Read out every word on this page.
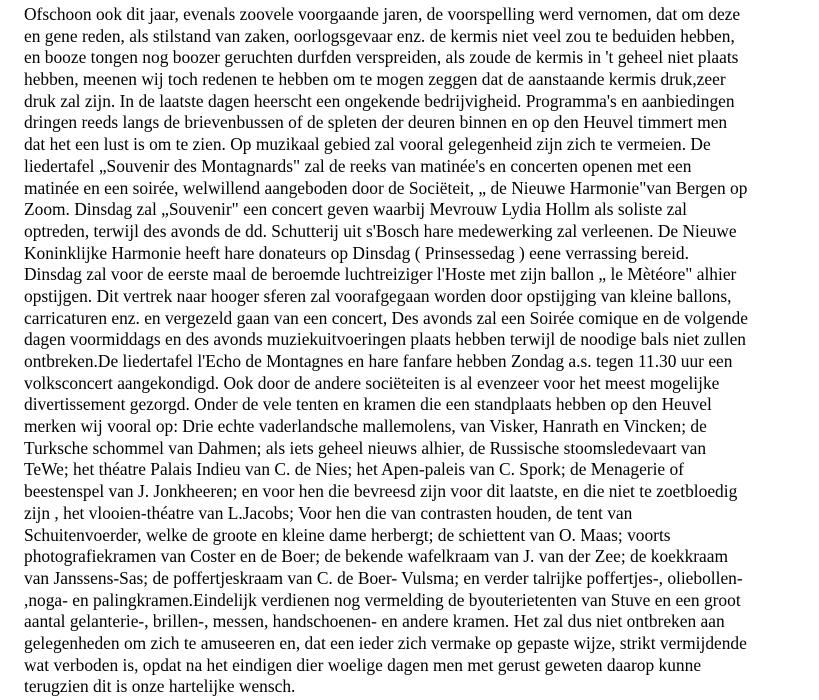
Ofschoon ook dit jaar, evenals zoovele voorgaande jaren, de voorspelling werd vernomen, dat om deze
en gene reden, als stilstand van zaken, oorlogsgevaar enz. de kermis niet veel zou te beduiden hebben,
en booze tongen nog boozer geruchten durfden verspreiden, als zoude de kermis in 't geheel niet plaats
hebben, meenen wij toch redenen te hebben om te mogen zeggen dat de aanstaande kermis druk,zeer
druk zal zijn. In de laatste dagen heerscht een ongekende bedrijvigheid. Programma's en aanbiedingen
dringen reeds langs de brievenbussen of de spleten der deuren binnen en op den Heuvel timmert men
dat het een lust is om te zien. Op muzikaal gebied zal vooral gelegenheid zijn zich te vermeien. De
liedertafel „Souvenir des Montagnards" zal de reeks van matinée's en concerten openen met een
matinée en een soirée, welwillend aangeboden door de Sociëteit, „ de Nieuwe Harmonie"van Bergen op
Zoom. Dinsdag zal „Souvenir" een concert geven waarbij Mevrouw Lydia Hollm als soliste zal
optreden, terwijl des avonds de dd. Schutterij uit s'Bosch hare medewerking zal verleenen. De Nieuwe
Koninklijke Harmonie heeft hare donateurs op Dinsdag ( Prinsessedag ) eene verrassing bereid.
Dinsdag zal voor de eerste maal de beroemde luchtreiziger l'Hoste met zijn ballon „ le Mètéore" alhier
opstijgen. Dit vertrek naar hooger sferen zal voorafgegaan worden door opstijging van kleine ballons,
carricaturen enz. en vergezeld gaan van een concert, Des avonds zal een Soirée comique en de volgende
dagen voormiddags en des avonds muziekuitvoeringen plaats hebben terwijl de noodige bals niet zullen
ontbreken.De liedertafel l'Echo de Montagnes en hare fanfare hebben Zondag a.s. tegen 11.30 uur een
volksconcert aangekondigd. Ook door de andere sociëteiten is al evenzeer voor het meest mogelijke
divertissement gezorgd. Onder de vele tenten en kramen die een standplaats hebben op den Heuvel
merken wij vooral op: Drie echte vaderlandsche mallemolens, van Visker, Hanrath en Vincken; de
Turksche schommel van Dahmen; als iets geheel nieuws alhier, de Russische stoomsledevaart van
TeWe; het théatre Palais Indieu van C. de Nies; het Apen-paleis van C. Spork; de Menagerie of
beestenspel van J. Jonkheeren; en voor hen die bevreesd zijn voor dit laatste, en die niet te zoetbloedig
zijn , het vlooien-théatre van L.Jacobs; Voor hen die van contrasten houden, de tent van
Schuitenvoerder, welke de groote en kleine dame herbergt; de schiettent van O. Maas; voorts
photografiekramen van Coster en de Boer; de bekende wafelkraam van J. van der Zee; de koekkraam
van Janssens-Sas; de poffertjeskraam van C. de Boer- Vulsma; en verder talrijke poffertjes-, oliebollen-
,noga- en palingkramen.Eindelijk verdienen nog vermelding de byouterietenten van Stuve en een groot
aantal gelanterie-, brillen-, messen, handschoenen- en andere kramen. Het zal dus niet ontbreken aan
gelegenheden om zich te amuseeren en, dat een ieder zich vermake op gepaste wijze, strikt vermijdende
wat verboden is, opdat na het eindigen dier woelige dagen men met gerust geweten daarop kunne
terugzien dit is onze hartelijke wensch.
